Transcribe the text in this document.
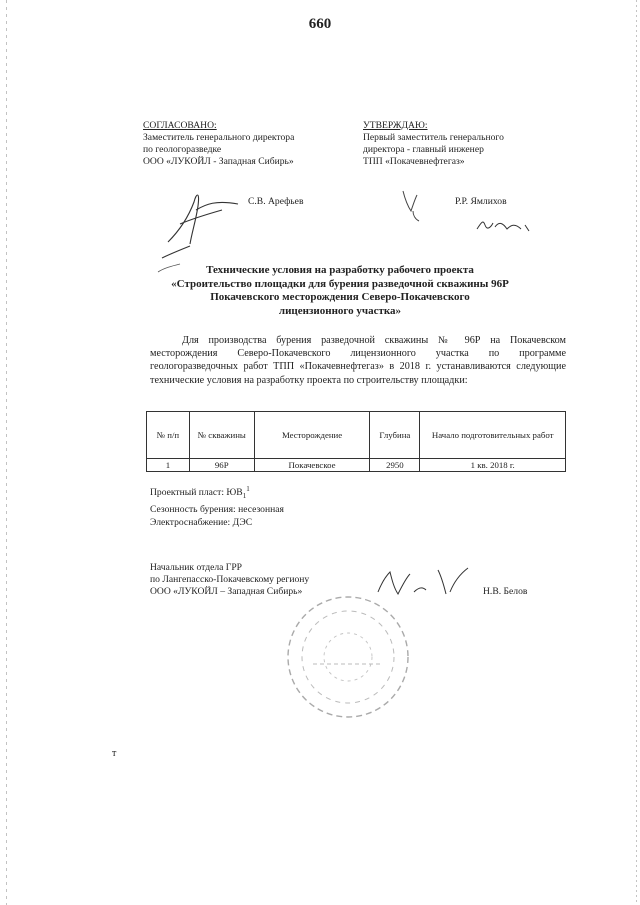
660
СОГЛАСОВАНО:
Заместитель генерального директора
по геологоразведке
ООО «ЛУКОЙЛ - Западная Сибирь»
С.В. Арефьев
УТВЕРЖДАЮ:
Первый заместитель генерального
директора - главный инженер
ТПП «Покачевнефтегаз»
Р.Р. Ямлихов
Технические условия на разработку рабочего проекта
«Строительство площадки для бурения разведочной скважины 96Р
Покачевского месторождения Северо-Покачевского
лицензионного участка»
Для производства бурения разведочной скважины № 96Р на Покачевском месторождения Северо-Покачевского лицензионного участка по программе геологоразведочных работ ТПП «Покачевнефтегаз» в 2018 г. устанавливаются следующие технические условия на разработку проекта по строительству площадки:
№ п/п	№ скважины	Месторождение	Глубина	Начало подготовительных работ
1	96Р	Покачевское	2950	1 кв. 2018 г.
Проектный пласт: $ЮВ_1^1$
Сезонность бурения: несезонная
Электроснабжение: ДЭС
Начальник отдела ГРР
по Лангепасско-Покачевскому региону
ООО «ЛУКОЙЛ – Западная Сибирь»	Н.В. Белов
т
